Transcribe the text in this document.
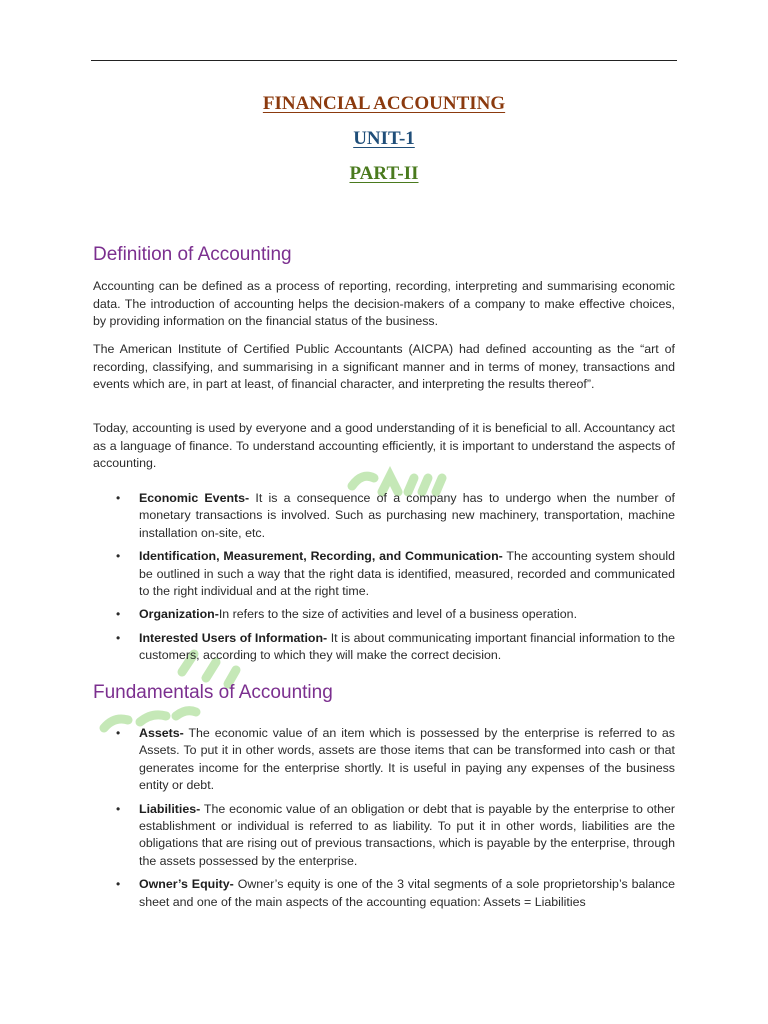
FINANCIAL ACCOUNTING
UNIT-1
PART-II
Definition of Accounting

Accounting can be defined as a process of reporting, recording, interpreting and summarising economic data. The introduction of accounting helps the decision-makers of a company to make effective choices, by providing information on the financial status of the business.

The American Institute of Certified Public Accountants (AICPA) had defined accounting as the “art of recording, classifying, and summarising in a significant manner and in terms of money, transactions and events which are, in part at least, of financial character, and interpreting the results thereof”.

Today, accounting is used by everyone and a good understanding of it is beneficial to all. Accountancy act as a language of finance. To understand accounting efficiently, it is important to understand the aspects of accounting.

• Economic Events- It is a consequence of a company has to undergo when the number of monetary transactions is involved. Such as purchasing new machinery, transportation, machine installation on-site, etc.
• Identification, Measurement, Recording, and Communication- The accounting system should be outlined in such a way that the right data is identified, measured, recorded and communicated to the right individual and at the right time.
• Organization-In refers to the size of activities and level of a business operation.
• Interested Users of Information- It is about communicating important financial information to the customers, according to which they will make the correct decision.
Fundamentals of Accounting
• Assets- The economic value of an item which is possessed by the enterprise is referred to as Assets. To put it in other words, assets are those items that can be transformed into cash or that generates income for the enterprise shortly. It is useful in paying any expenses of the business entity or debt.
• Liabilities- The economic value of an obligation or debt that is payable by the enterprise to other establishment or individual is referred to as liability. To put it in other words, liabilities are the obligations that are rising out of previous transactions, which is payable by the enterprise, through the assets possessed by the enterprise.
• Owner’s Equity- Owner’s equity is one of the 3 vital segments of a sole proprietorship’s balance sheet and one of the main aspects of the accounting equation: Assets = Liabilities
